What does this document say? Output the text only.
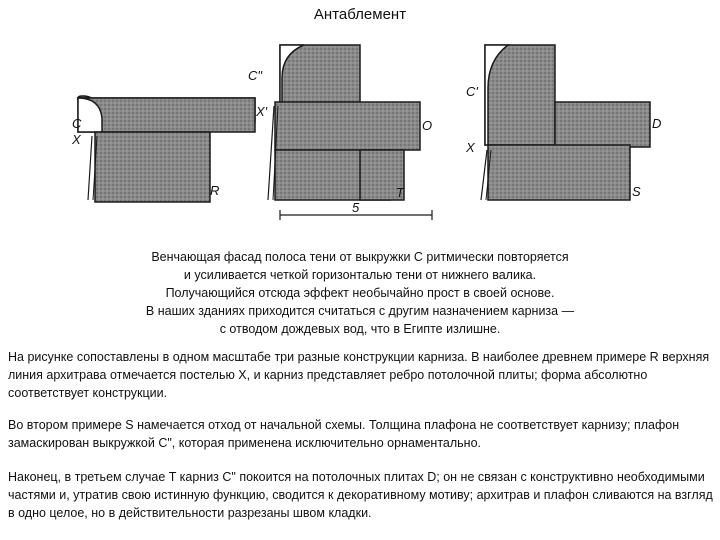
Антаблемент
C
X
R
C"
X'
O
T
5
C'
D
X
S
Венчающая фасад полоса тени от выкружки С ритмически повторяется
и усиливается четкой горизонталью тени от нижнего валика.
Получающийся отсюда эффект необычайно прост в своей основе.
В наших зданиях приходится считаться с другим назначением карниза —
с отводом дождевых вод, что в Египте излишне.
На рисунке сопоставлены в одном масштабе три разные конструкции карниза. В наиболее древнем примере R верхняя линия архитрава отмечается постелью X, и карниз представляет ребро потолочной плиты; форма абсолютно соответствует конструкции.
Во втором примере S намечается отход от начальной схемы. Толщина плафона не соответствует карнизу; плафон замаскирован выкружкой С", которая применена исключительно орнаментально.
Наконец, в третьем случае T карниз С" покоится на потолочных плитах D; он не связан с конструктивно необходимыми частями и, утратив свою истинную функцию, сводится к декоративному мотиву; архитрав и плафон сливаются на взгляд в одно целое, но в действительности разрезаны швом кладки.
